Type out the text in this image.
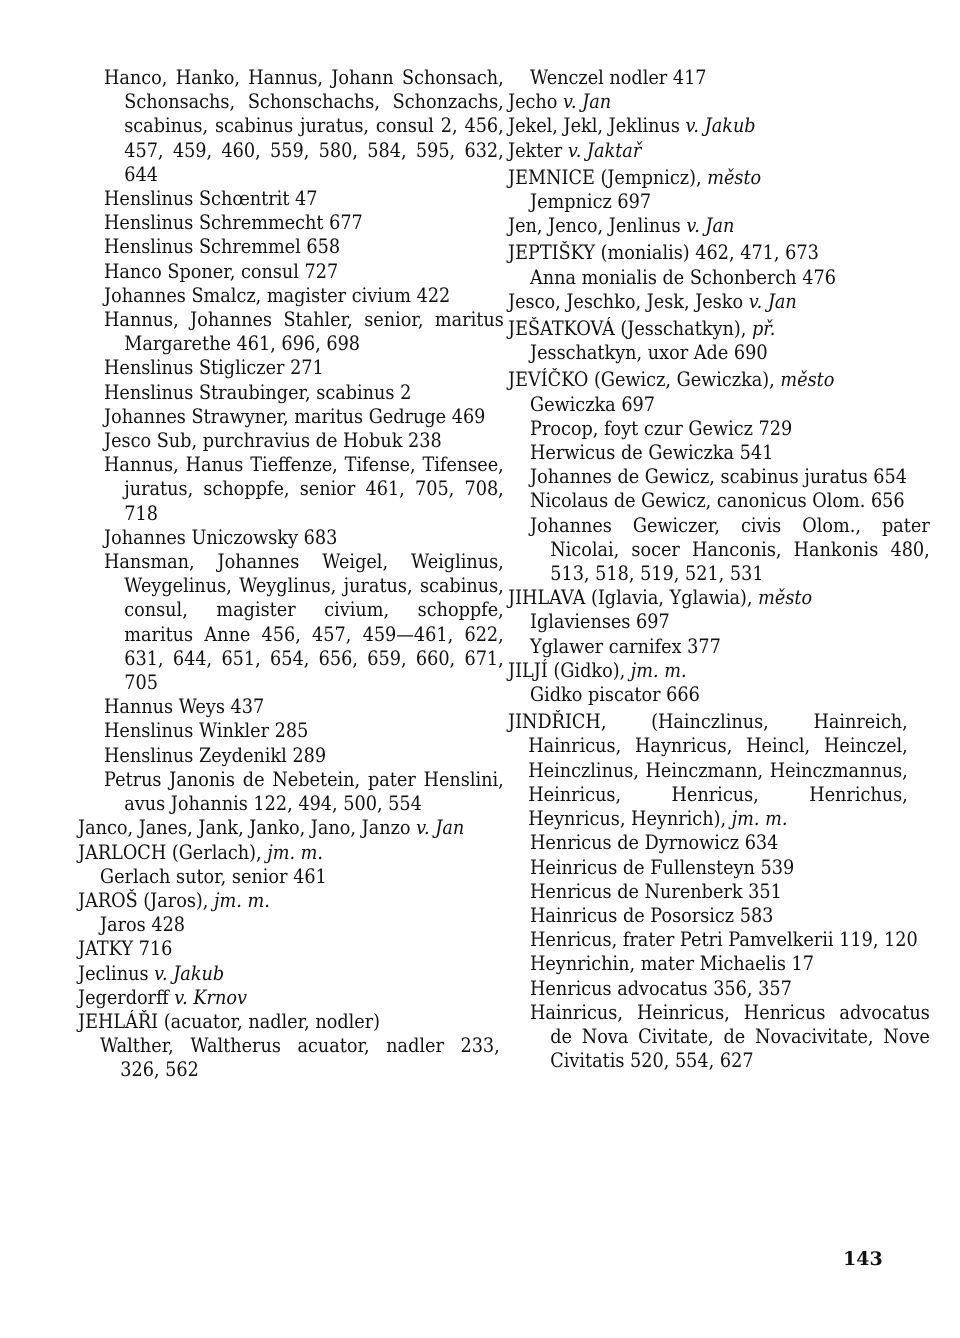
Hanco, Hanko, Hannus, Johann Schonsach, Schonsachs, Schonschachs, Schonzachs, scabinus, scabinus juratus, consul 2, 456, 457, 459, 460, 559, 580, 584, 595, 632, 644
Henslinus Schœntrit 47
Henslinus Schremmecht 677
Henslinus Schremmel 658
Hanco Sponer, consul 727
Johannes Smalcz, magister civium 422
Hannus, Johannes Stahler, senior, maritus Margarethe 461, 696, 698
Henslinus Stigliczer 271
Henslinus Straubinger, scabinus 2
Johannes Strawyner, maritus Gedruge 469
Jesco Sub, purchravius de Hobuk 238
Hannus, Hanus Tieffenze, Tifense, Tifensee, juratus, schoppfe, senior 461, 705, 708, 718
Johannes Uniczowsky 683
Hansman, Johannes Weigel, Weiglinus, Weygelinus, Weyglinus, juratus, scabinus, consul, magister civium, schoppfe, maritus Anne 456, 457, 459—461, 622, 631, 644, 651, 654, 656, 659, 660, 671, 705
Hannus Weys 437
Henslinus Winkler 285
Henslinus Zeydenikl 289
Petrus Janonis de Nebetein, pater Henslini, avus Johannis 122, 494, 500, 554
Janco, Janes, Jank, Janko, Jano, Janzo v. Jan
JARLOCH (Gerlach), jm. m.
Gerlach sutor, senior 461
JAROŠ (Jaros), jm. m.
Jaros 428
JATKY 716
Jeclinus v. Jakub
Jegerdorff v. Krnov
JEHLÁŘI (acuator, nadler, nodler)
Walther, Waltherus acuator, nadler 233, 326, 562
Wenczel nodler 417
Jecho v. Jan
Jekel, Jekl, Jeklinus v. Jakub
Jekter v. Jaktař
JEMNICE (Jempnicz), město
Jempnicz 697
Jen, Jenco, Jenlinus v. Jan
JEPTIŠKY (monialis) 462, 471, 673
Anna monialis de Schonberch 476
Jesco, Jeschko, Jesk, Jesko v. Jan
JEŠATKOVÁ (Jesschatkyn), př.
Jesschatkyn, uxor Ade 690
JEVÍČKO (Gewicz, Gewiczka), město
Gewiczka 697
Procop, foyt czur Gewicz 729
Herwicus de Gewiczka 541
Johannes de Gewicz, scabinus juratus 654
Nicolaus de Gewicz, canonicus Olom. 656
Johannes Gewiczer, civis Olom., pater Nicolai, socer Hanconis, Hankonis 480, 513, 518, 519, 521, 531
JIHLAVA (Iglavia, Yglawia), město
Iglavienses 697
Yglawer carnifex 377
JILJÍ (Gidko), jm. m.
Gidko piscator 666
JINDŘICH, (Hainczlinus, Hainreich, Hainricus, Haynricus, Heincl, Heinczel, Heinczlinus, Heinczmann, Heinczmannus, Heinricus, Henricus, Henrichus, Heynricus, Heynrich), jm. m.
Henricus de Dyrnowicz 634
Heinricus de Fullensteyn 539
Henricus de Nurenberk 351
Hainricus de Posorsicz 583
Henricus, frater Petri Pamvelkerii 119, 120
Heynrichin, mater Michaelis 17
Henricus advocatus 356, 357
Hainricus, Heinricus, Henricus advocatus de Nova Civitate, de Novacivitate, Nove Civitatis 520, 554, 627
143
